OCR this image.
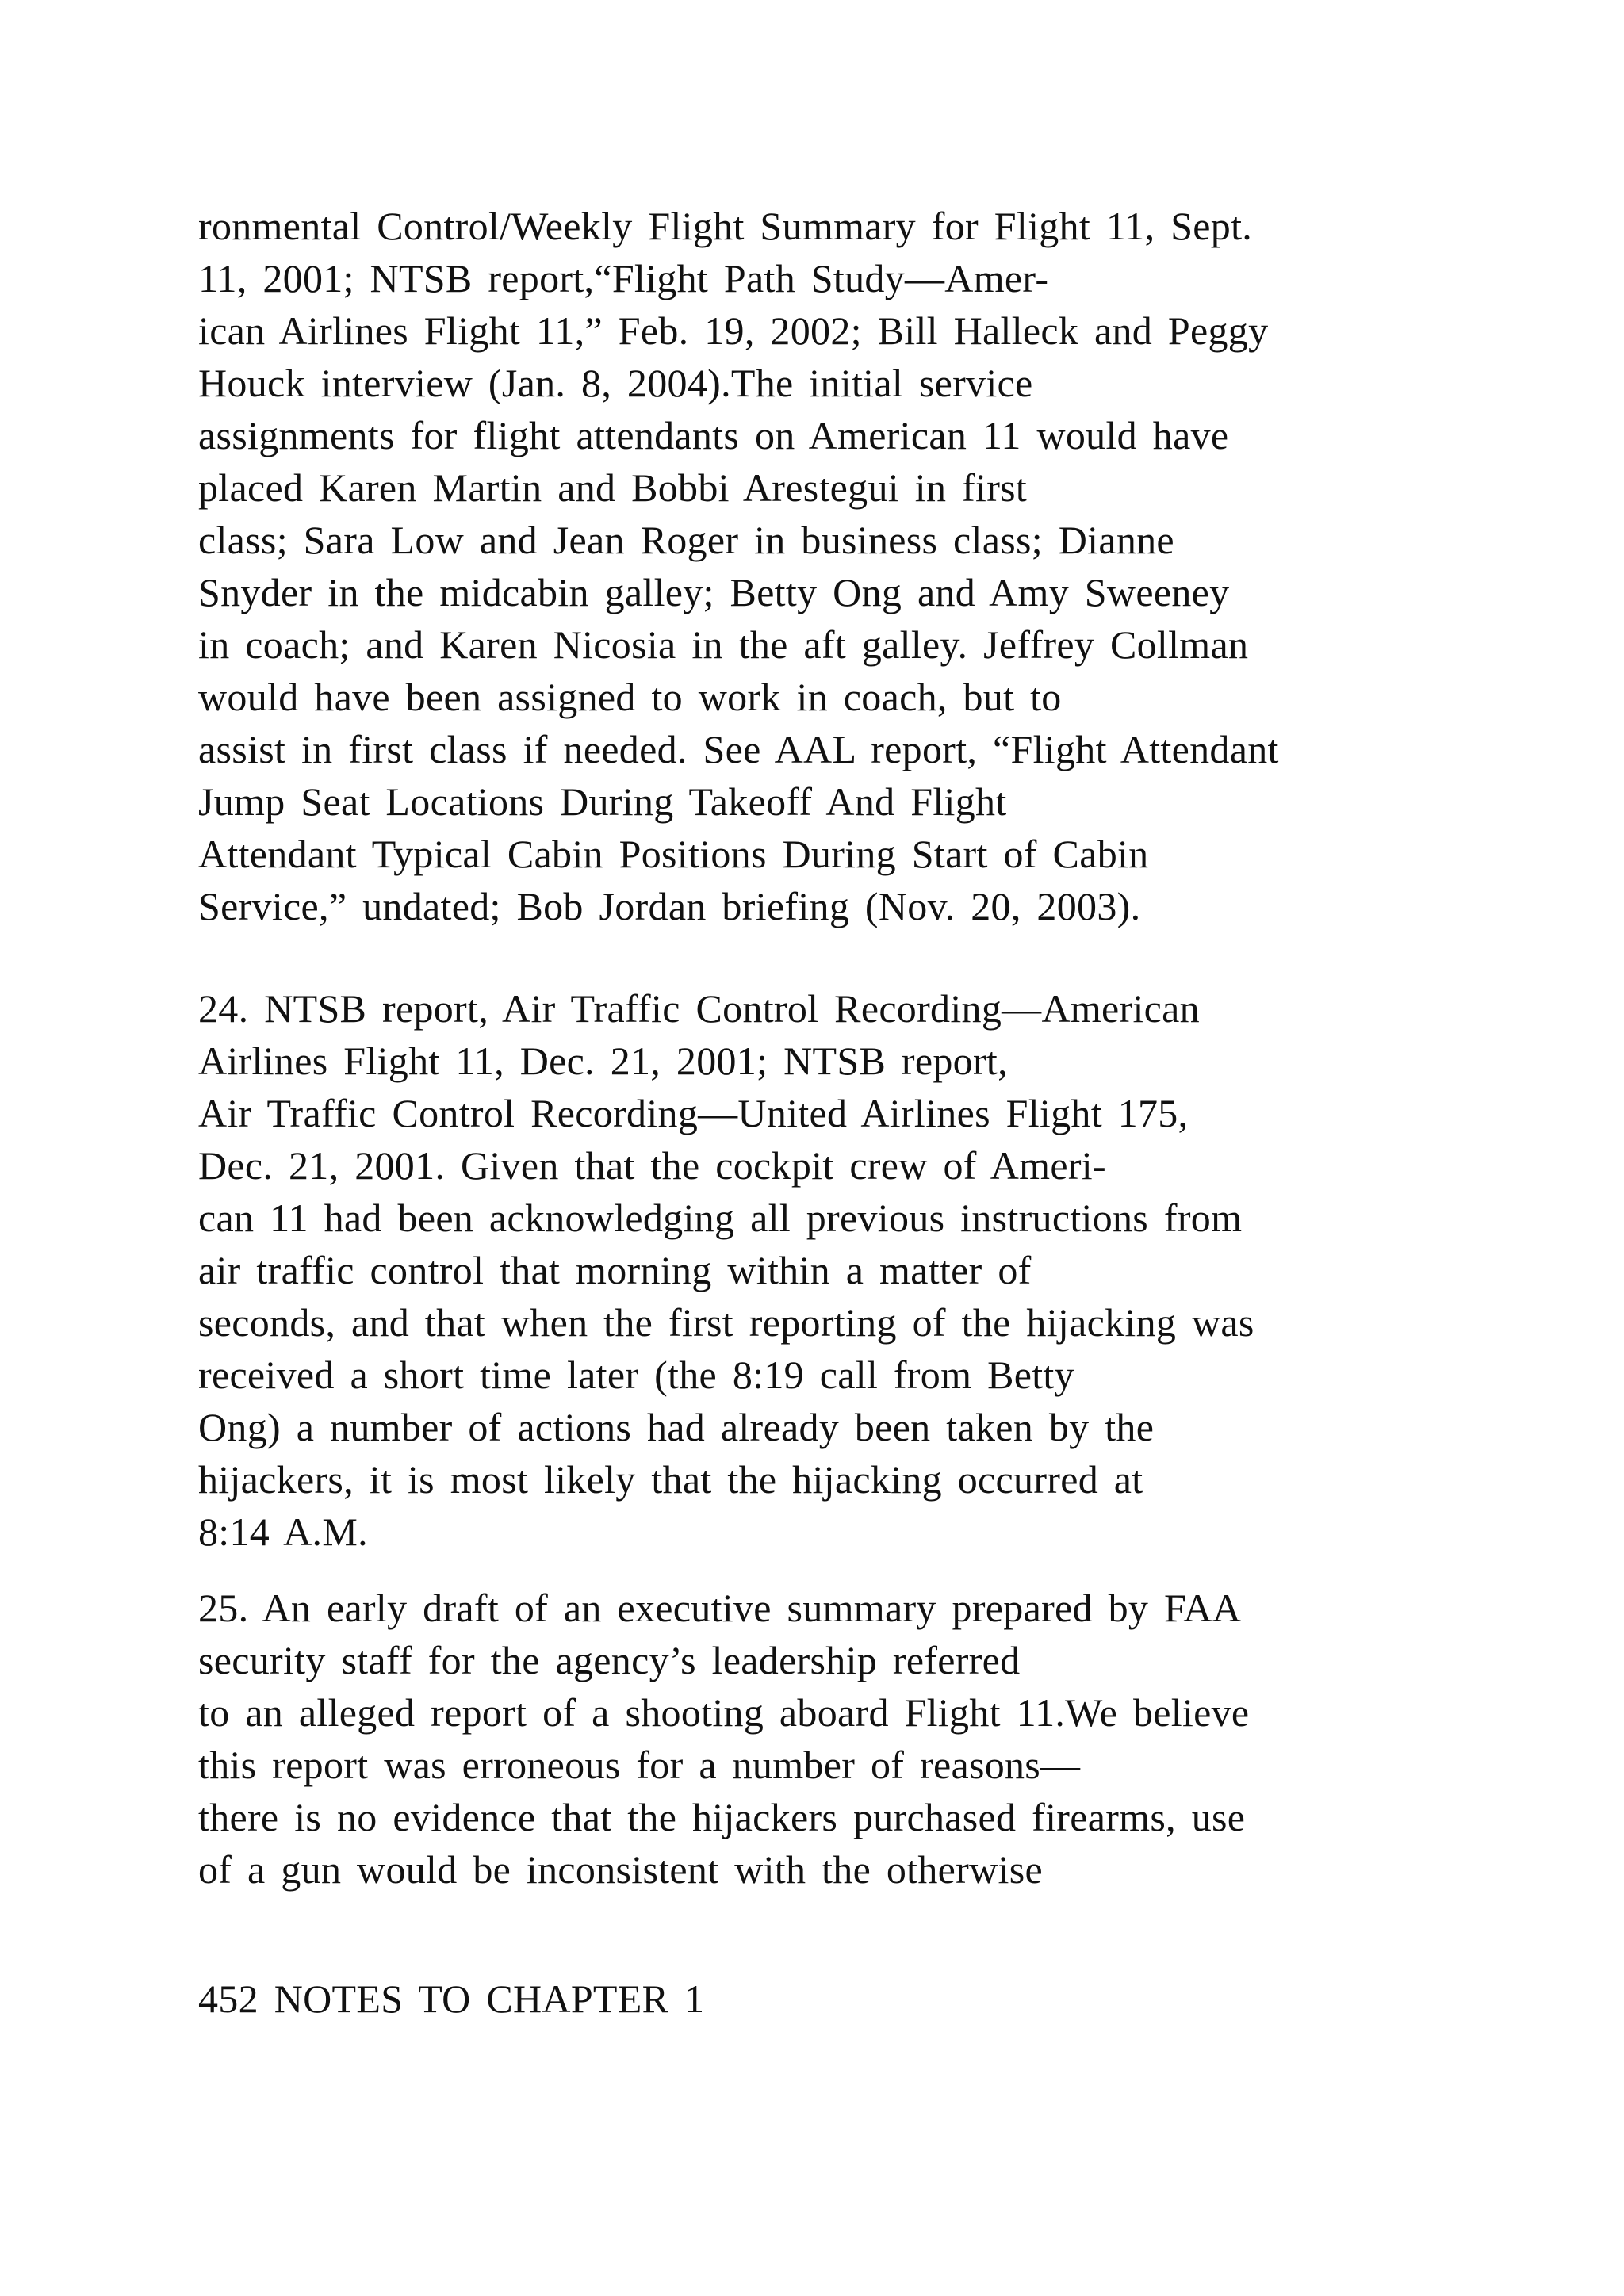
ronmental Control/Weekly Flight Summary for Flight 11, Sept.
11, 2001; NTSB report,“Flight Path Study—Amer-
ican Airlines Flight 11,” Feb. 19, 2002; Bill Halleck and Peggy
Houck interview (Jan. 8, 2004).The initial service
assignments for flight attendants on American 11 would have
placed Karen Martin and Bobbi Arestegui in first
class; Sara Low and Jean Roger in business class; Dianne
Snyder in the midcabin galley; Betty Ong and Amy Sweeney
in coach; and Karen Nicosia in the aft galley. Jeffrey Collman
would have been assigned to work in coach, but to
assist in first class if needed. See AAL report, “Flight Attendant
Jump Seat Locations During Takeoff And Flight
Attendant Typical Cabin Positions During Start of Cabin
Service,” undated; Bob Jordan briefing (Nov. 20, 2003).
24. NTSB report, Air Traffic Control Recording—American
Airlines Flight 11, Dec. 21, 2001; NTSB report,
Air Traffic Control Recording—United Airlines Flight 175,
Dec. 21, 2001. Given that the cockpit crew of Ameri-
can 11 had been acknowledging all previous instructions from
air traffic control that morning within a matter of
seconds, and that when the first reporting of the hijacking was
received a short time later (the 8:19 call from Betty
Ong) a number of actions had already been taken by the
hijackers, it is most likely that the hijacking occurred at
8:14 A.M.
25. An early draft of an executive summary prepared by FAA
security staff for the agency’s leadership referred
to an alleged report of a shooting aboard Flight 11.We believe
this report was erroneous for a number of reasons—
there is no evidence that the hijackers purchased firearms, use
of a gun would be inconsistent with the otherwise
452 NOTES TO CHAPTER 1
